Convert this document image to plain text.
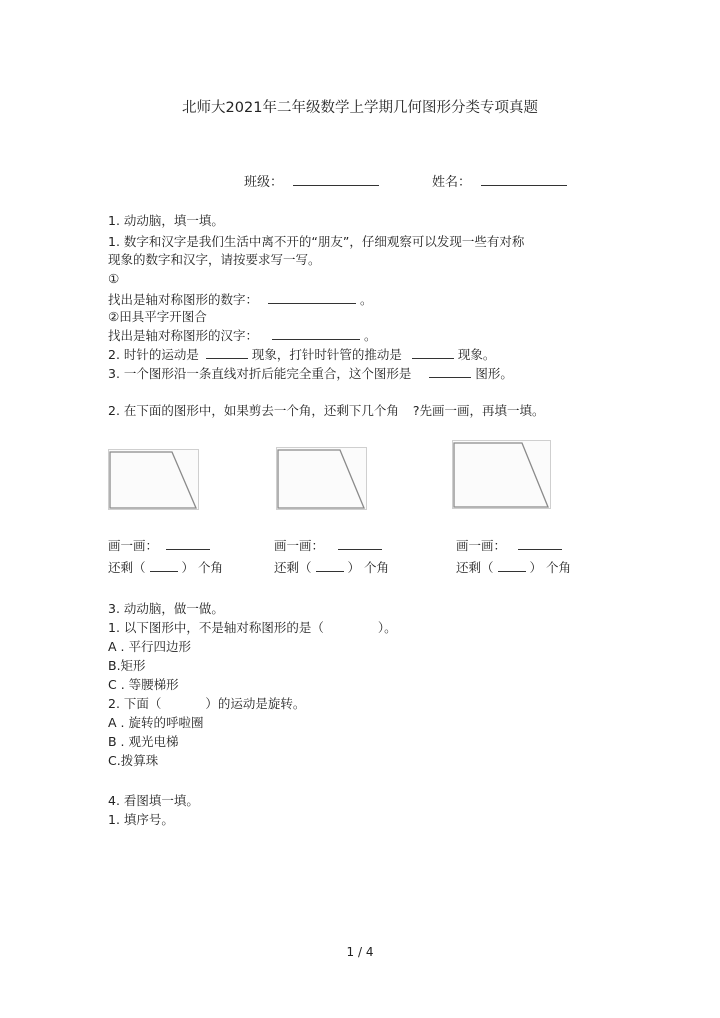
北师大2021年二年级数学上学期几何图形分类专项真题
班级：	姓名：
1. 动动脑，填一填。
1. 数字和汉字是我们生活中离不开的“朋友”，仔细观察可以发现一些有对称
现象的数字和汉字，请按要求写一写。
①
找出是轴对称图形的数字：	。
②田具平字开图合
找出是轴对称图形的汉字：	。
2. 时针的运动是	现象，打针时针管的推动是	现象。
3. 一个图形沿一条直线对折后能完全重合，这个图形是	图形。
2. 在下面的图形中，如果剪去一个角，还剩下几个角 ?先画一画，再填一填。
画一画：	画一画：	画一画：
还剩（	） 个角	还剩（	） 个角	还剩（	） 个角
3. 动动脑，做一做。
1. 以下图形中，不是轴对称图形的是（	）。
A . 平行四边形
B.矩形
C . 等腰梯形
2. 下面（	）的运动是旋转。
A . 旋转的呼啦圈
B . 观光电梯
C.拨算珠
4. 看图填一填。
1. 填序号。
1 / 4
